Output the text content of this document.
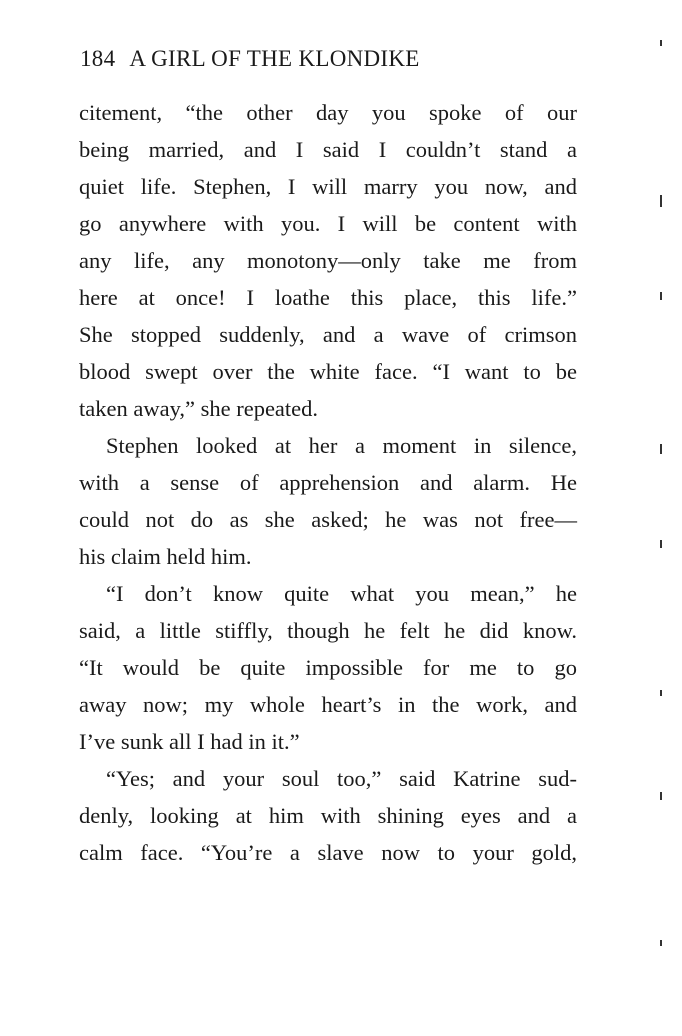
184 A GIRL OF THE KLONDIKE
citement, “the other day you spoke of our
being married, and I said I couldn’t stand a
quiet life. Stephen, I will marry you now, and
go anywhere with you. I will be content with
any life, any monotony—only take me from
here at once! I loathe this place, this life.”
She stopped suddenly, and a wave of crimson
blood swept over the white face. “I want to be
taken away,” she repeated.
Stephen looked at her a moment in silence,
with a sense of apprehension and alarm. He
could not do as she asked; he was not free—
his claim held him.
“I don’t know quite what you mean,” he
said, a little stiffly, though he felt he did know.
“It would be quite impossible for me to go
away now; my whole heart’s in the work, and
I’ve sunk all I had in it.”
“Yes; and your soul too,” said Katrine sud-
denly, looking at him with shining eyes and a
calm face. “You’re a slave now to your gold,
